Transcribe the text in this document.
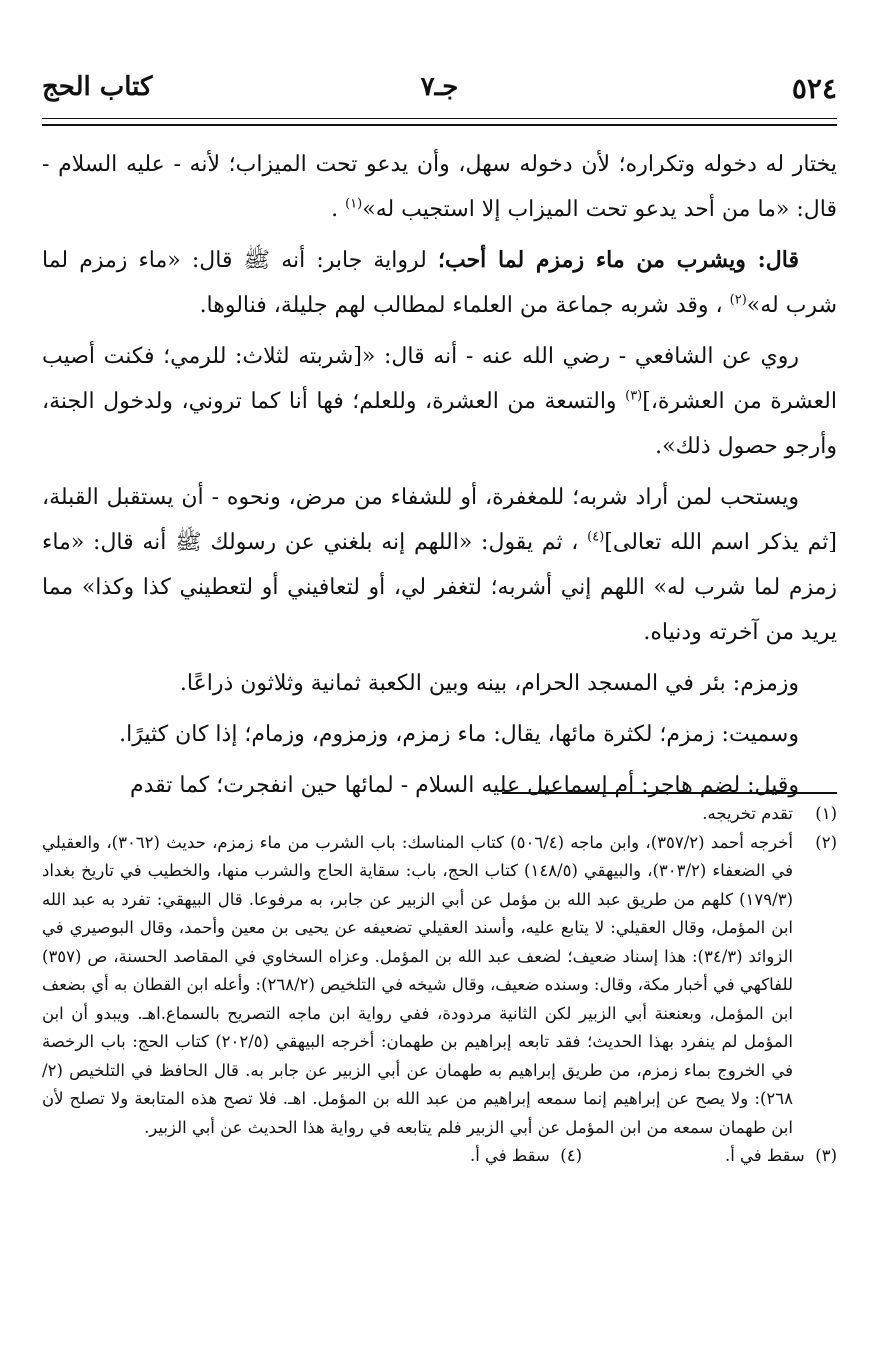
٥٢٤
جـ٧
كتاب الحج

يختار له دخوله وتكراره؛ لأن دخوله سهل، وأن يدعو تحت الميزاب؛ لأنه - عليه السلام - قال: «ما من أحد يدعو تحت الميزاب إلا استجيب له»$^{(١)}$ .

قال: ويشرب من ماء زمزم لما أحب؛ لرواية جابر: أنه ﷺ قال: «ماء زمزم لما شرب له»$^{(٢)}$ ، وقد شربه جماعة من العلماء لمطالب لهم جليلة، فنالوها.

روي عن الشافعي - رضي الله عنه - أنه قال: «[شربته لثلاث: للرمي؛ فكنت أصيب العشرة من العشرة،]$^{(٣)}$ والتسعة من العشرة، وللعلم؛ فها أنا كما تروني، ولدخول الجنة، وأرجو حصول ذلك».

ويستحب لمن أراد شربه؛ للمغفرة، أو للشفاء من مرض، ونحوه - أن يستقبل القبلة، [ثم يذكر اسم الله تعالى]$^{(٤)}$ ، ثم يقول: «اللهم إنه بلغني عن رسولك ﷺ أنه قال: «ماء زمزم لما شرب له» اللهم إني أشربه؛ لتغفر لي، أو لتعافيني أو لتعطيني كذا وكذا» مما يريد من آخرته ودنياه.

وزمزم: بئر في المسجد الحرام، بينه وبين الكعبة ثمانية وثلاثون ذراعًا.

وسميت: زمزم؛ لكثرة مائها، يقال: ماء زمزم، وزمزوم، وزمام؛ إذا كان كثيرًا.

وقيل: لضم هاجر: أم إسماعيل عليه السلام - لمائها حين انفجرت؛ كما تقدم

(١)
تقدم تخريجه.

(٢)
أخرجه أحمد (٣٥٧/٢)، وابن ماجه (٥٠٦/٤) كتاب المناسك: باب الشرب من ماء زمزم، حديث (٣٠٦٢)، والعقيلي في الضعفاء (٣٠٣/٢)، والبيهقي (١٤٨/٥) كتاب الحج، باب: سقاية الحاج والشرب منها، والخطيب في تاريخ بغداد (١٧٩/٣) كلهم من طريق عبد الله بن مؤمل عن أبي الزبير عن جابر، به مرفوعا. قال البيهقي: تفرد به عبد الله ابن المؤمل، وقال العقيلي: لا يتابع عليه، وأسند العقيلي تضعيفه عن يحيى بن معين وأحمد، وقال البوصيري في الزوائد (٣٤/٣): هذا إسناد ضعيف؛ لضعف عبد الله بن المؤمل. وعزاه السخاوي في المقاصد الحسنة، ص (٣٥٧) للفاكهي في أخبار مكة، وقال: وسنده ضعيف، وقال شيخه في التلخيص (٢٦٨/٢): وأعله ابن القطان به أي بضعف ابن المؤمل، وبعنعنة أبي الزبير لكن الثانية مردودة، ففي رواية ابن ماجه التصريح بالسماع.اهـ. ويبدو أن ابن المؤمل لم ينفرد بهذا الحديث؛ فقد تابعه إبراهيم بن طهمان: أخرجه البيهقي (٢٠٢/٥) كتاب الحج: باب الرخصة في الخروج بماء زمزم، من طريق إبراهيم به طهمان عن أبي الزبير عن جابر به. قال الحافظ في التلخيص (٢/ ٢٦٨): ولا يصح عن إبراهيم إنما سمعه إبراهيم من عبد الله بن المؤمل. اهـ. فلا تصح هذه المتابعة ولا تصلح لأن ابن طهمان سمعه من ابن المؤمل عن أبي الزبير فلم يتابعه في رواية هذا الحديث عن أبي الزبير.

(٣)  سقط في أ.
(٤)  سقط في أ.
